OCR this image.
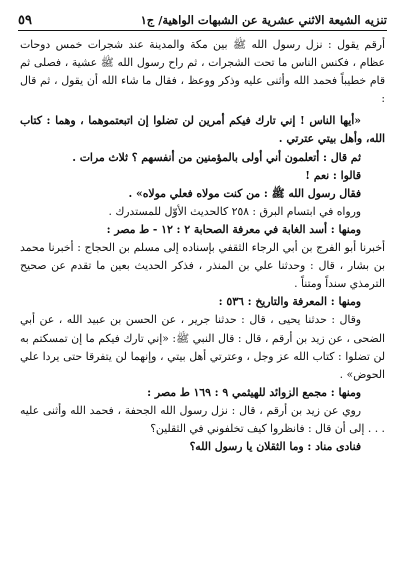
تنزيه الشيعة الاثني عشرية عن الشبهات الواهية/ ج١
٥٩

أرقم يقول : نزل رسول الله ﷺ بين مكة والمدينة عند شجرات خمس دوحات عظام ، فكنس الناس ما تحت الشجرات ، ثم راح رسول الله ﷺ عشية ، فصلى ثم قام خطيباً فحمد الله وأثنى عليه وذكر ووعظ ، فقال ما شاء الله أن يقول ، ثم قال :

«أيها الناس ! إني تارك فيكم أمرين لن تضلوا إن اتبعتموهما ، وهما : كتاب الله، وأهل بيتي عترتي .

ثم قال : أتعلمون أني أولى بالمؤمنين من أنفسهم ؟ ثلاث مرات .

قالوا : نعم !

فقال رسول الله ﷺ : من كنت مولاه فعلي مولاه» .

ورواه في ابتسام البرق : ٢٥٨ كالحديث الأوّل للمستدرك .

ومنها : أسد الغابة في معرفة الصحابة ٢ : ١٢ - ط مصر :

أخبرنا أبو الفرج بن أبي الرجاء الثقفي بإسناده إلى مسلم بن الحجاج : أخبرنا محمد بن بشار ، قال : وحدثنا علي بن المنذر ، فذكر الحديث بعين ما تقدم عن صحيح الترمذي سنداً ومتناً .

ومنها : المعرفة والتاريخ : ٥٣٦ :

وقال : حدثنا يحيى ، قال : حدثنا جرير ، عن الحسن بن عبيد الله ، عن أبي الضحى ، عن زيد بن أرقم ، قال : قال النبي ﷺ: «إني تارك فيكم ما إن تمسكتم به لن تضلوا : كتاب الله عز وجل ، وعترتي أهل بيتي ، وإنهما لن يتفرقا حتى يردا علي الحوض» .

ومنها : مجمع الزوائد للهيثمي ٩ : ١٦٩ ط مصر :

روي عن زيد بن أرقم ، قال : نزل رسول الله الجحفة ، فحمد الله وأثنى عليه . . . إلى أن قال : فانظروا كيف تخلفوني في الثقلين؟

فنادى مناد : وما الثقلان يا رسول الله؟
